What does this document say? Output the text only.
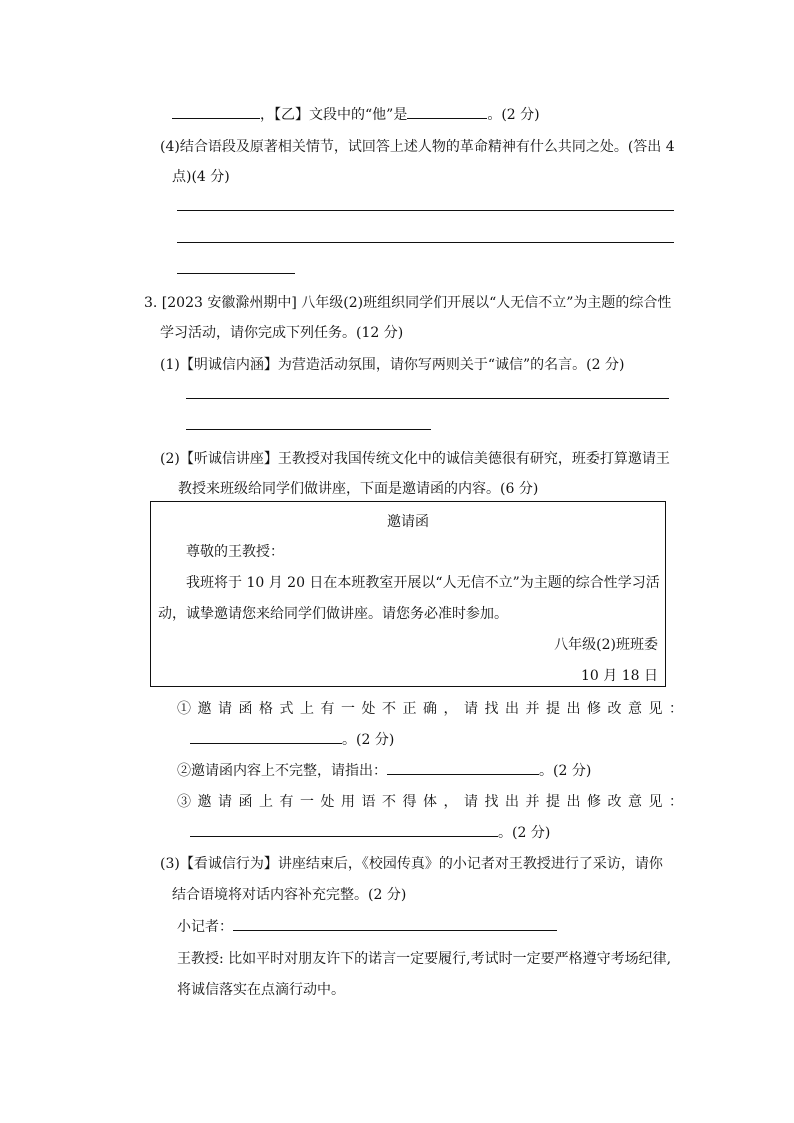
，【乙】文段中的“他”是	。(2 分)
(4)结合语段及原著相关情节，试回答上述人物的革命精神有什么共同之处。(答出 4
点)(4 分)
3. [2023 安徽滁州期中] 八年级(2)班组织同学们开展以“人无信不立”为主题的综合性
学习活动，请你完成下列任务。(12 分)
(1)【明诚信内涵】为营造活动氛围，请你写两则关于“诚信”的名言。(2 分)
(2)【听诚信讲座】王教授对我国传统文化中的诚信美德很有研究，班委打算邀请王
教授来班级给同学们做讲座，下面是邀请函的内容。(6 分)
邀请函
尊敬的王教授：
我班将于 10 月 20 日在本班教室开展以“人无信不立”为主题的综合性学习活
动，诚挚邀请您来给同学们做讲座。请您务必准时参加。
八年级(2)班班委
10 月 18 日
①邀请函格式上有一处不正确，请找出并提出修改意见：
。(2 分)
②邀请函内容上不完整，请指出：	。(2 分)
③邀请函上有一处用语不得体，请找出并提出修改意见：
。(2 分)
(3)【看诚信行为】讲座结束后，《校园传真》的小记者对王教授进行了采访，请你
结合语境将对话内容补充完整。(2 分)
小记者：
王教授: 比如平时对朋友许下的诺言一定要履行,考试时一定要严格遵守考场纪律,
将诚信落实在点滴行动中。
